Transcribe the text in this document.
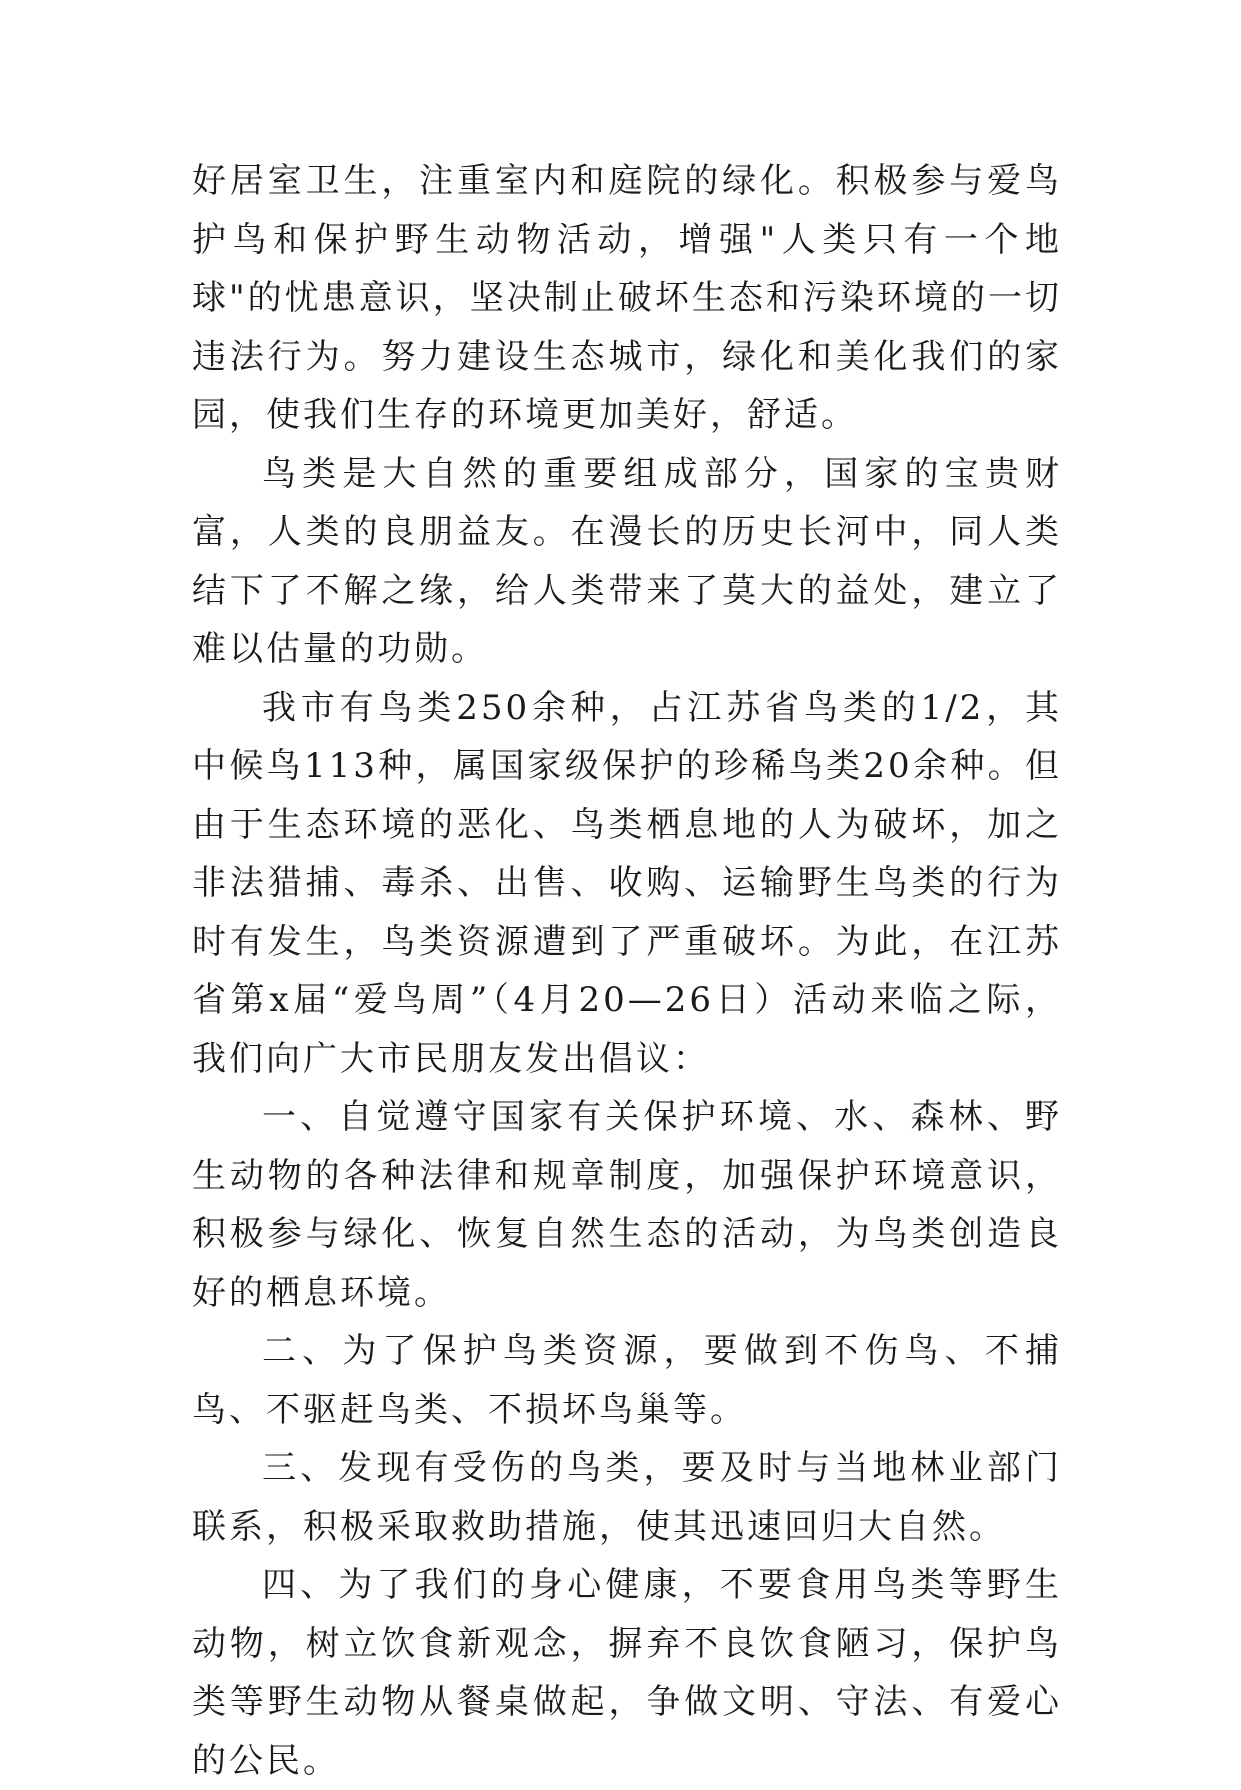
好居室卫生，注重室内和庭院的绿化。积极参与爱鸟护鸟和保护野生动物活动，增强"人类只有一个地球"的忧患意识，坚决制止破坏生态和污染环境的一切违法行为。努力建设生态城市，绿化和美化我们的家园，使我们生存的环境更加美好，舒适。

鸟类是大自然的重要组成部分，国家的宝贵财富，人类的良朋益友。在漫长的历史长河中，同人类结下了不解之缘，给人类带来了莫大的益处，建立了难以估量的功勋。

我市有鸟类250余种，占江苏省鸟类的1/2，其中候鸟113种，属国家级保护的珍稀鸟类20余种。但由于生态环境的恶化、鸟类栖息地的人为破坏，加之非法猎捕、毒杀、出售、收购、运输野生鸟类的行为时有发生，鸟类资源遭到了严重破坏。为此，在江苏省第x届“爱鸟周”（4月20—26日）活动来临之际，我们向广大市民朋友发出倡议：

一、自觉遵守国家有关保护环境、水、森林、野生动物的各种法律和规章制度，加强保护环境意识，积极参与绿化、恢复自然生态的活动，为鸟类创造良好的栖息环境。

二、为了保护鸟类资源，要做到不伤鸟、不捕鸟、不驱赶鸟类、不损坏鸟巢等。

三、发现有受伤的鸟类，要及时与当地林业部门联系，积极采取救助措施，使其迅速回归大自然。

四、为了我们的身心健康，不要食用鸟类等野生动物，树立饮食新观念，摒弃不良饮食陋习，保护鸟类等野生动物从餐桌做起，争做文明、守法、有爱心的公民。
